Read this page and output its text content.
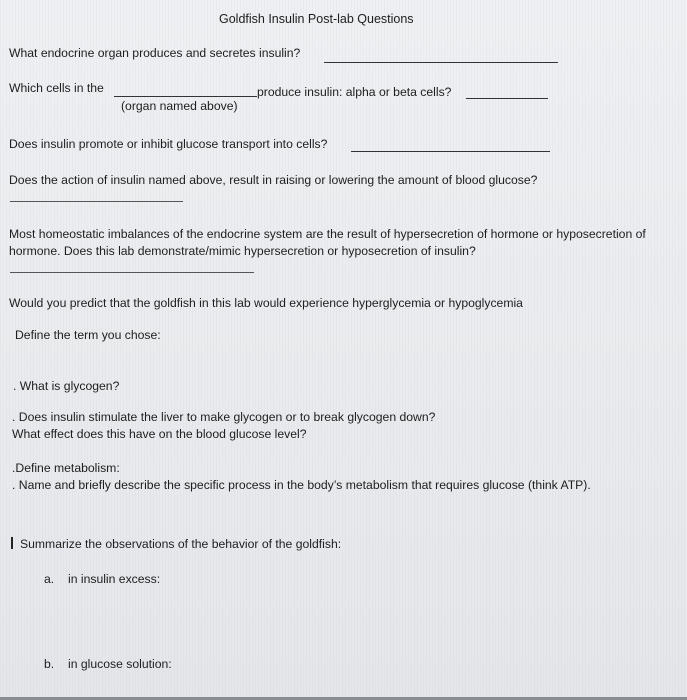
Goldfish Insulin Post-lab Questions
What endocrine organ produces and secretes insulin?
Which cells in the	produce insulin: alpha or beta cells?
(organ named above)
Does insulin promote or inhibit glucose transport into cells?
Does the action of insulin named above, result in raising or lowering the amount of blood glucose?
Most homeostatic imbalances of the endocrine system are the result of hypersecretion of hormone or hyposecretion of
hormone. Does this lab demonstrate/mimic hypersecretion or hyposecretion of insulin?
Would you predict that the goldfish in this lab would experience hyperglycemia or hypoglycemia
Define the term you chose:
. What is glycogen?
. Does insulin stimulate the liver to make glycogen or to break glycogen down?
What effect does this have on the blood glucose level?
.Define metabolism:
. Name and briefly describe the specific process in the body’s metabolism that requires glucose (think ATP).
Summarize the observations of the behavior of the goldfish:
a. in insulin excess:
b. in glucose solution:
